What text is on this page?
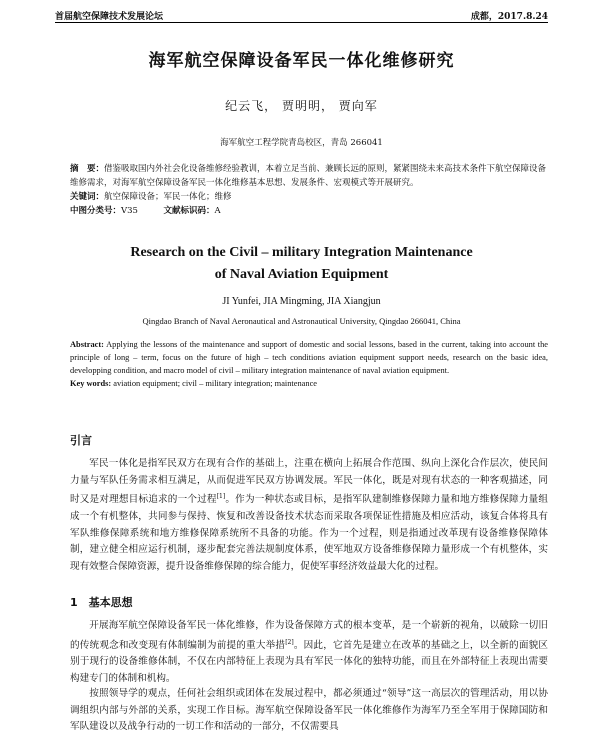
首届航空保障技术发展论坛	成都，2017.8.24
海军航空保障设备军民一体化维修研究
纪云飞， 贾明明， 贾向军
海军航空工程学院青岛校区，青岛 266041
摘　要：借鉴吸取国内外社会化设备维修经验教训，本着立足当前、兼顾长远的原则，紧紧围绕未来高技术条件下航空保障设备维修需求，对海军航空保障设备军民一体化维修基本思想、发展条件、宏观模式等开展研究。
关键词：航空保障设备；军民一体化；维修
中图分类号：V35   	文献标识码：A
Research on the Civil – military Integration Maintenance
of Naval Aviation Equipment
JI Yunfei, JIA Mingming, JIA Xiangjun
Qingdao Branch of Naval Aeronautical and Astronautical University, Qingdao 266041, China
Abstract: Applying the lessons of the maintenance and support of domestic and social lessons, based in the current, taking into account the principle of long – term, focus on the future of high – tech conditions aviation equipment support needs, research on the basic idea, developping condition, and macro model of civil – military integration maintenance of naval aviation equipment.
Key words: aviation equipment; civil – military integration; maintenance
引言
军民一体化是指军民双方在现有合作的基础上，注重在横向上拓展合作范围、纵向上深化合作层次，使民间力量与军队任务需求相互满足，从而促进军民双方协调发展。军民一体化，既是对现有状态的一种客观描述，同时又是对理想目标追求的一个过程[1]。作为一种状态或目标，是指军队建制维修保障力量和地方维修保障力量组成一个有机整体，共同参与保持、恢复和改善设备技术状态而采取各项保证性措施及相应活动，该复合体将具有军队维修保障系统和地方维修保障系统所不具备的功能。作为一个过程，则是指通过改革现有设备维修保障体制，建立健全相应运行机制，逐步配套完善法规制度体系，使军地双方设备维修保障力量形成一个有机整体，实现有效整合保障资源，提升设备维修保障的综合能力，促使军事经济效益最大化的过程。
1　基本思想
开展海军航空保障设备军民一体化维修，作为设备保障方式的根本变革，是一个崭新的视角，以破除一切旧的传统观念和改变现有体制编制为前提的重大举措[2]。因此，它首先是建立在改革的基础之上，以全新的面貌区别于现行的设备维修体制，不仅在内部特征上表现为具有军民一体化的独特功能，而且在外部特征上表现出需要构建专门的体制和机构。
按照领导学的观点，任何社会组织或团体在发展过程中，都必须通过“领导”这一高层次的管理活动，用以协调组织内部与外部的关系，实现工作目标。海军航空保障设备军民一体化维修作为海军乃至全军用于保障国防和军队建设以及战争行动的一切工作和活动的一部分，不仅需要具
